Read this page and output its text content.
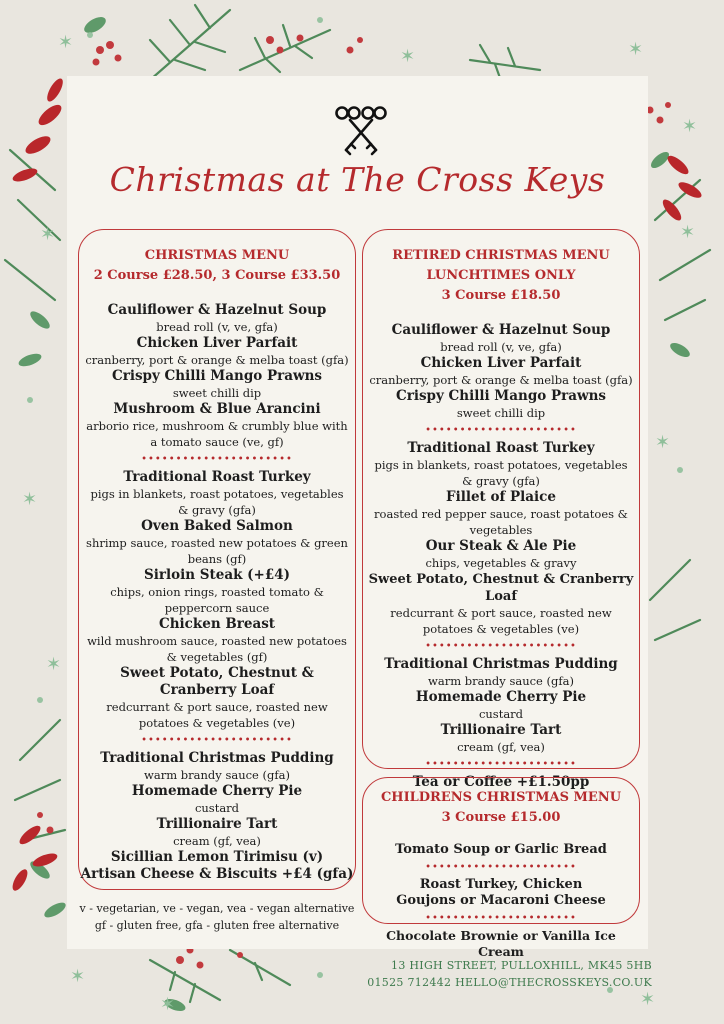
✶	✶
✶
✶	✶
✶
✶
✶
✶
✶
✶
✶
Christmas at The Cross Keys
CHRISTMAS MENU
2 Course £28.50, 3 Course £33.50
Cauliflower & Hazelnut Soup
bread roll (v, ve, gfa)
Chicken Liver Parfait
cranberry, port & orange & melba toast (gfa)
Crispy Chilli Mango Prawns
sweet chilli dip
Mushroom & Blue Arancini
arborio rice, mushroom & crumbly blue with a tomato sauce (ve, gf)
••••••••••••••••••••••
Traditional Roast Turkey
pigs in blankets, roast potatoes, vegetables & gravy (gfa)
Oven Baked Salmon
shrimp sauce, roasted new potatoes & green beans (gf)
Sirloin Steak (+£4)
chips, onion rings, roasted tomato & peppercorn sauce
Chicken Breast
wild mushroom sauce, roasted new potatoes & vegetables (gf)
Sweet Potato, Chestnut & Cranberry Loaf
redcurrant & port sauce, roasted new potatoes & vegetables (ve)
••••••••••••••••••••••
Traditional Christmas Pudding
warm brandy sauce (gfa)
Homemade Cherry Pie
custard
Trillionaire Tart
cream (gf, vea)
Sicillian Lemon Tirimisu (v)
Artisan Cheese & Biscuits +£4 (gfa)
RETIRED CHRISTMAS MENU
LUNCHTIMES ONLY
3 Course £18.50
Cauliflower & Hazelnut Soup
bread roll (v, ve, gfa)
Chicken Liver Parfait
cranberry, port & orange & melba toast (gfa)
Crispy Chilli Mango Prawns
sweet chilli dip
••••••••••••••••••••••
Traditional Roast Turkey
pigs in blankets, roast potatoes, vegetables & gravy (gfa)
Fillet of Plaice
roasted red pepper sauce, roast potatoes & vegetables
Our Steak & Ale Pie
chips, vegetables & gravy
Sweet Potato, Chestnut & Cranberry Loaf
redcurrant & port sauce, roasted new potatoes & vegetables (ve)
••••••••••••••••••••••
Traditional Christmas Pudding
warm brandy sauce (gfa)
Homemade Cherry Pie
custard
Trillionaire Tart
cream (gf, vea)
••••••••••••••••••••••
Tea or Coffee +£1.50pp
CHILDRENS CHRISTMAS MENU
3 Course £15.00
Tomato Soup or Garlic Bread
••••••••••••••••••••••
Roast Turkey, Chicken Goujons or Macaroni Cheese
••••••••••••••••••••••
Chocolate Brownie or Vanilla Ice Cream
v - vegetarian, ve - vegan, vea - vegan alternative
gf - gluten free, gfa - gluten free alternative
13 HIGH STREET, PULLOXHILL, MK45 5HB
01525 712442 HELLO@THECROSSKEYS.CO.UK
